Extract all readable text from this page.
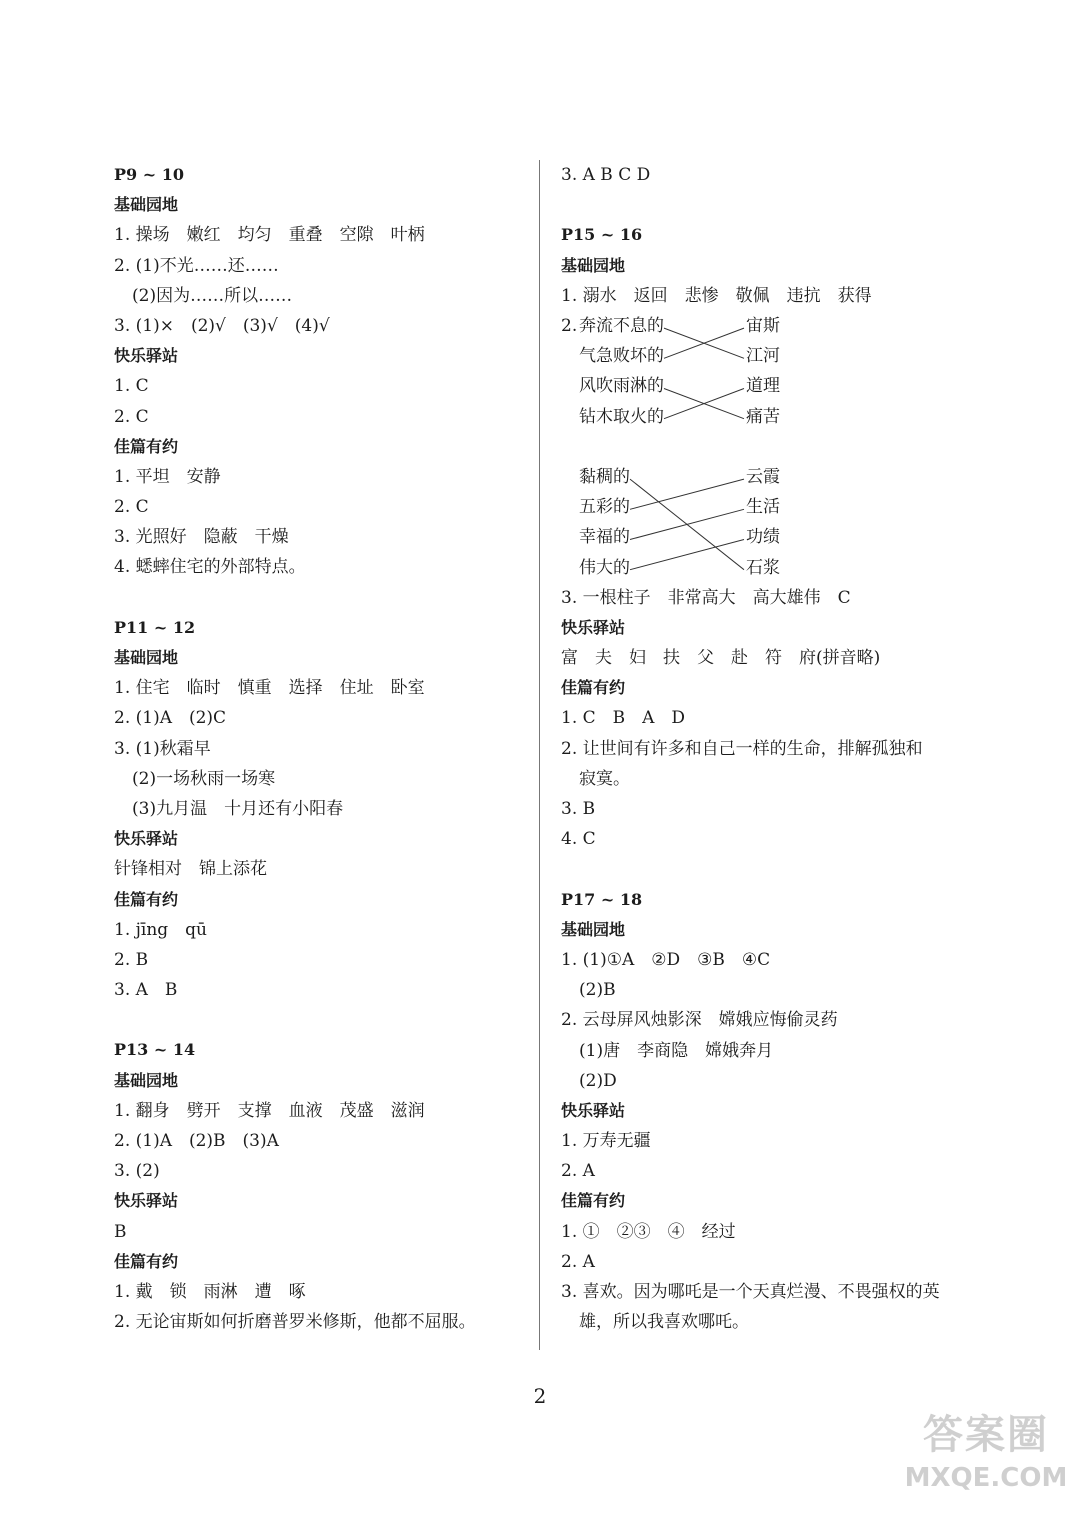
P9 ~ 10
基础园地
1. 操场　嫩红　均匀　重叠　空隙　叶柄
2. (1)不光……还……
(2)因为……所以……
3. (1)×　(2)√　(3)√　(4)√
快乐驿站
1. C
2. C
佳篇有约
1. 平坦　安静
2. C
3. 光照好　隐蔽　干燥
4. 蟋蟀住宅的外部特点。
P11 ~ 12
基础园地
1. 住宅　临时　慎重　选择　住址　卧室
2. (1)A　(2)C
3. (1)秋霜早
(2)一场秋雨一场寒
(3)九月温　十月还有小阳春
快乐驿站
针锋相对　锦上添花
佳篇有约
1. jīng　qū
2. B
3. A　B
P13 ~ 14
基础园地
1. 翻身　劈开　支撑　血液　茂盛　滋润
2. (1)A　(2)B　(3)A
3. (2)
快乐驿站
B
佳篇有约
1. 戴　锁　雨淋　遭　啄
2. 无论宙斯如何折磨普罗米修斯，他都不屈服。
3. A B C D
P15 ~ 16
基础园地
1. 溺水　返回　悲惨　敬佩　违抗　获得
奔流不息的
气急败坏的
风吹雨淋的
钻木取火的
2.	宙斯
江河
道理
痛苦
黏稠的
五彩的
幸福的
伟大的
云霞
生活
功绩
石浆
3. 一根柱子　非常高大　高大雄伟　C
快乐驿站
富　夫　妇　扶　父　赴　符　府(拼音略)
佳篇有约
1. C　B　A　D
2. 让世间有许多和自己一样的生命，排解孤独和
寂寞。
3. B
4. C
P17 ~ 18
基础园地
1. (1)①A　②D　③B　④C
(2)B
2. 云母屏风烛影深　嫦娥应悔偷灵药
(1)唐　李商隐　嫦娥奔月
(2)D
快乐驿站
1. 万寿无疆
2. A
佳篇有约
1. ①　②③　④　经过
2. A
3. 喜欢。因为哪吒是一个天真烂漫、不畏强权的英
雄，所以我喜欢哪吒。
2
答案圈
MXQE.COM
